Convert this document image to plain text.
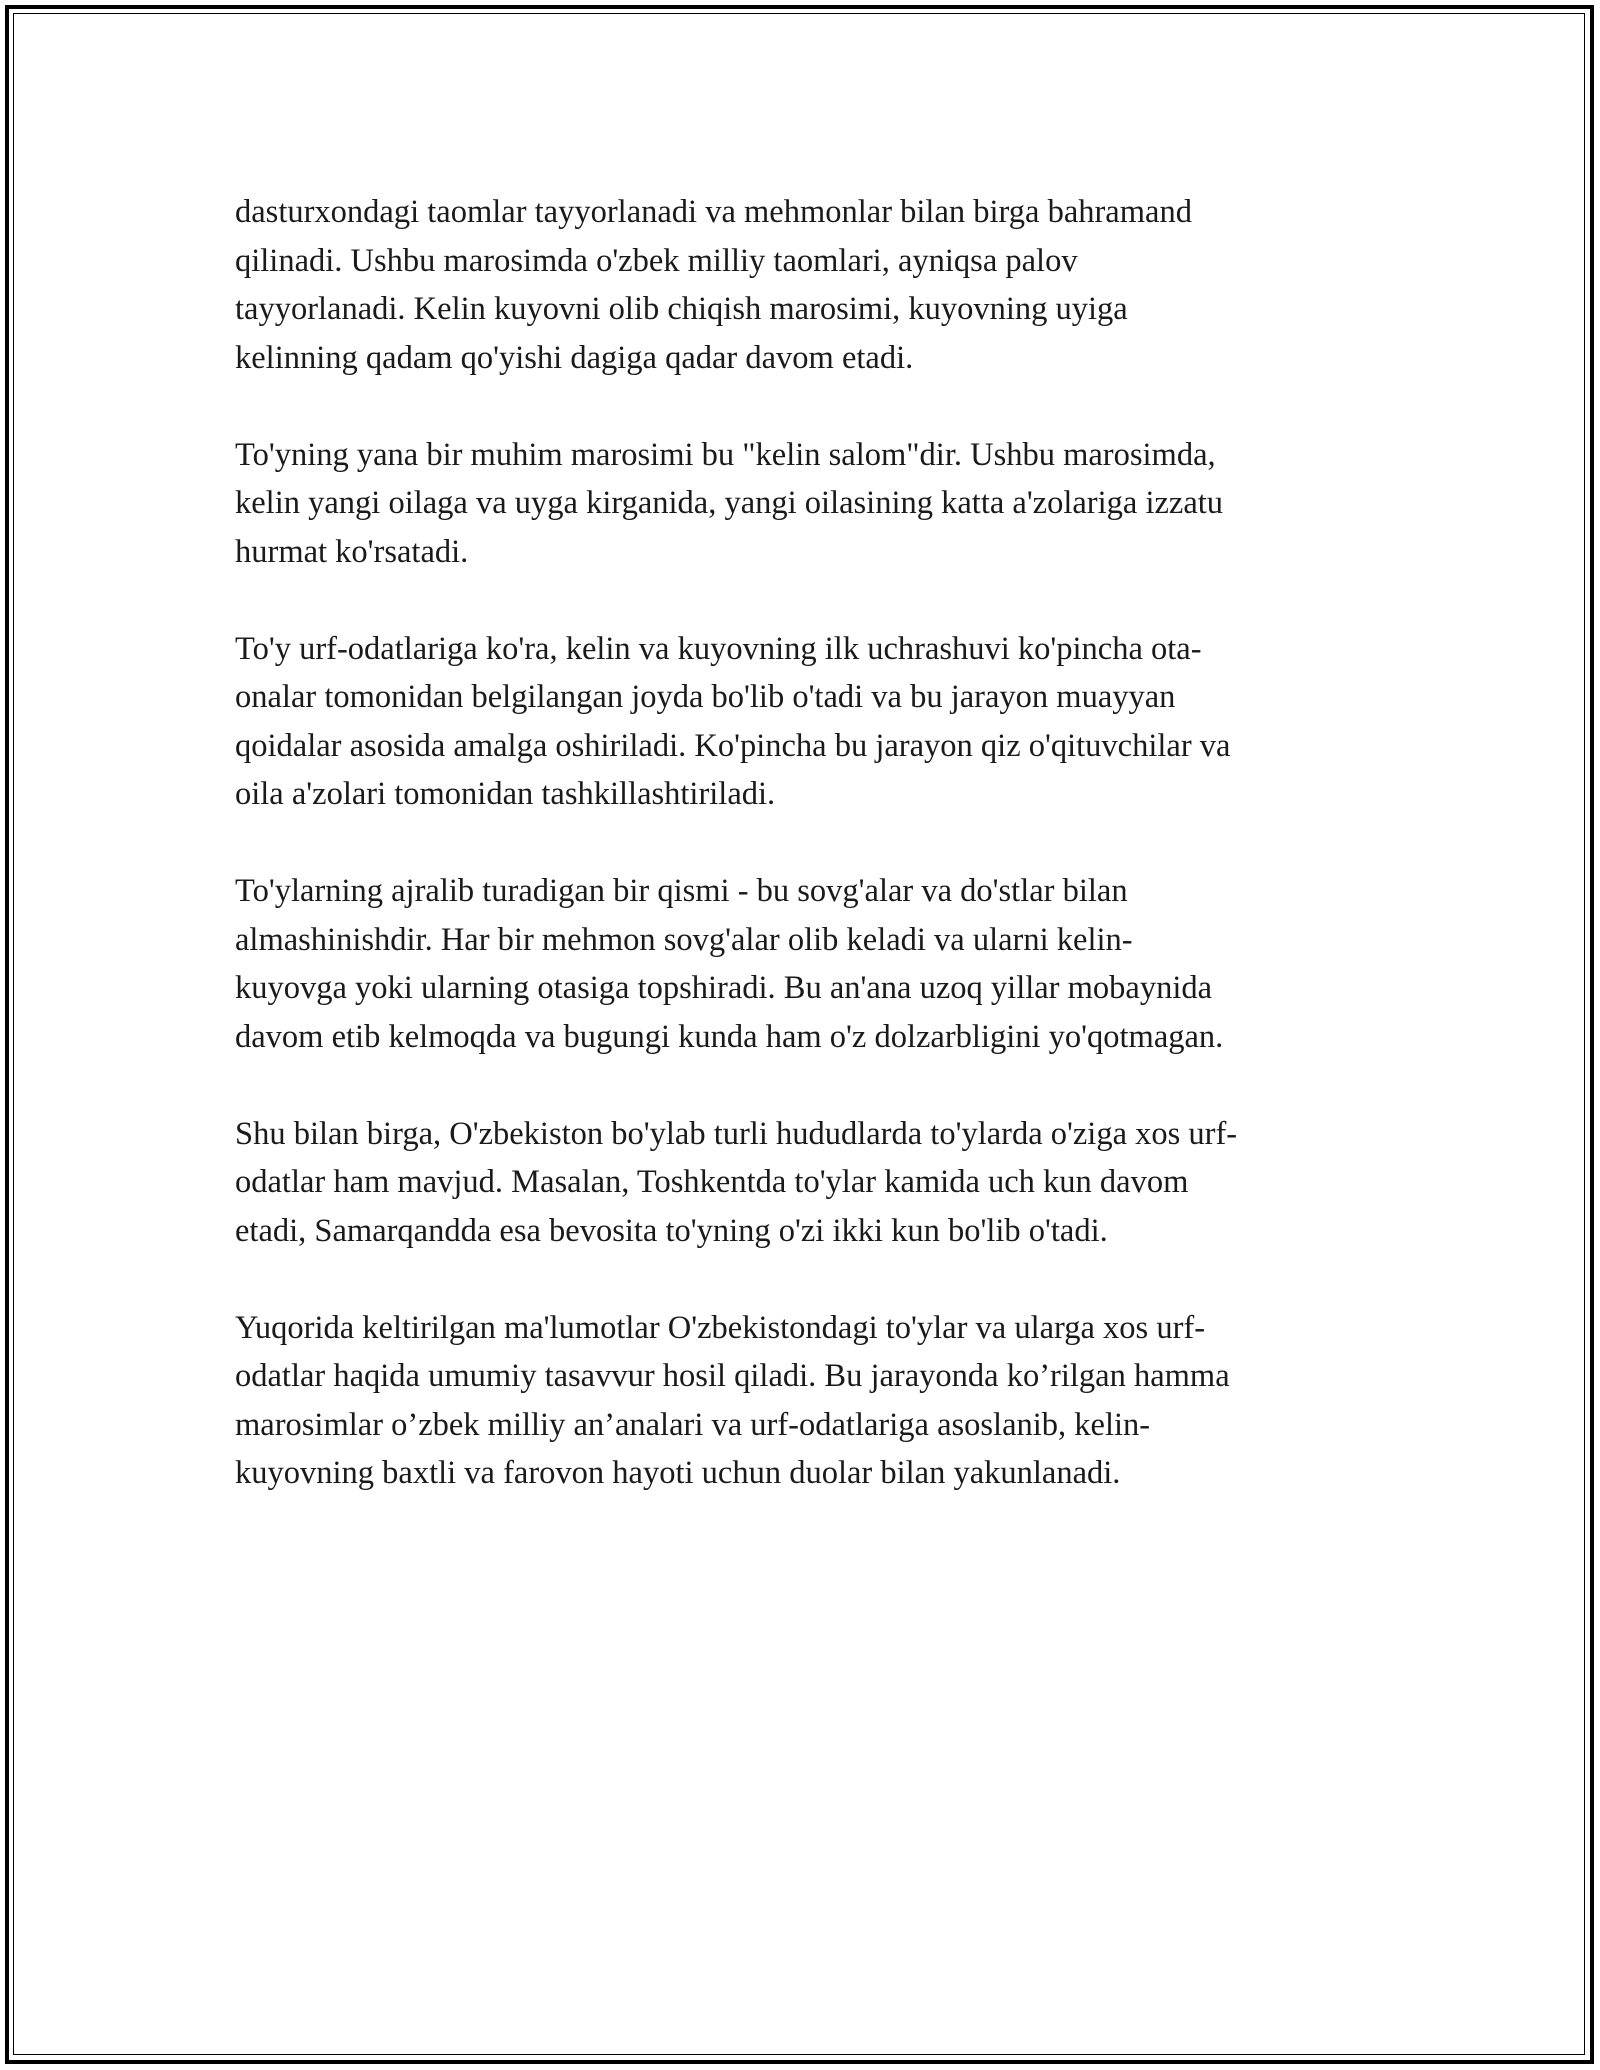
dasturxondagi taomlar tayyorlanadi va mehmonlar bilan birga bahramand
qilinadi. Ushbu marosimda o'zbek milliy taomlari, ayniqsa palov
tayyorlanadi. Kelin kuyovni olib chiqish marosimi, kuyovning uyiga
kelinning qadam qo'yishi dagiga qadar davom etadi.

To'yning yana bir muhim marosimi bu "kelin salom"dir. Ushbu marosimda,
kelin yangi oilaga va uyga kirganida, yangi oilasining katta a'zolariga izzatu
hurmat ko'rsatadi.

To'y urf-odatlariga ko'ra, kelin va kuyovning ilk uchrashuvi ko'pincha ota-
onalar tomonidan belgilangan joyda bo'lib o'tadi va bu jarayon muayyan
qoidalar asosida amalga oshiriladi. Ko'pincha bu jarayon qiz o'qituvchilar va
oila a'zolari tomonidan tashkillashtiriladi.

To'ylarning ajralib turadigan bir qismi - bu sovg'alar va do'stlar bilan
almashinishdir. Har bir mehmon sovg'alar olib keladi va ularni kelin-
kuyovga yoki ularning otasiga topshiradi. Bu an'ana uzoq yillar mobaynida
davom etib kelmoqda va bugungi kunda ham o'z dolzarbligini yo'qotmagan.

Shu bilan birga, O'zbekiston bo'ylab turli hududlarda to'ylarda o'ziga xos urf-
odatlar ham mavjud. Masalan, Toshkentda to'ylar kamida uch kun davom
etadi, Samarqandda esa bevosita to'yning o'zi ikki kun bo'lib o'tadi.

Yuqorida keltirilgan ma'lumotlar O'zbekistondagi to'ylar va ularga xos urf-
odatlar haqida umumiy tasavvur hosil qiladi. Bu jarayonda ko’rilgan hamma
marosimlar o’zbek milliy an’analari va urf-odatlariga asoslanib, kelin-
kuyovning baxtli va farovon hayoti uchun duolar bilan yakunlanadi.
